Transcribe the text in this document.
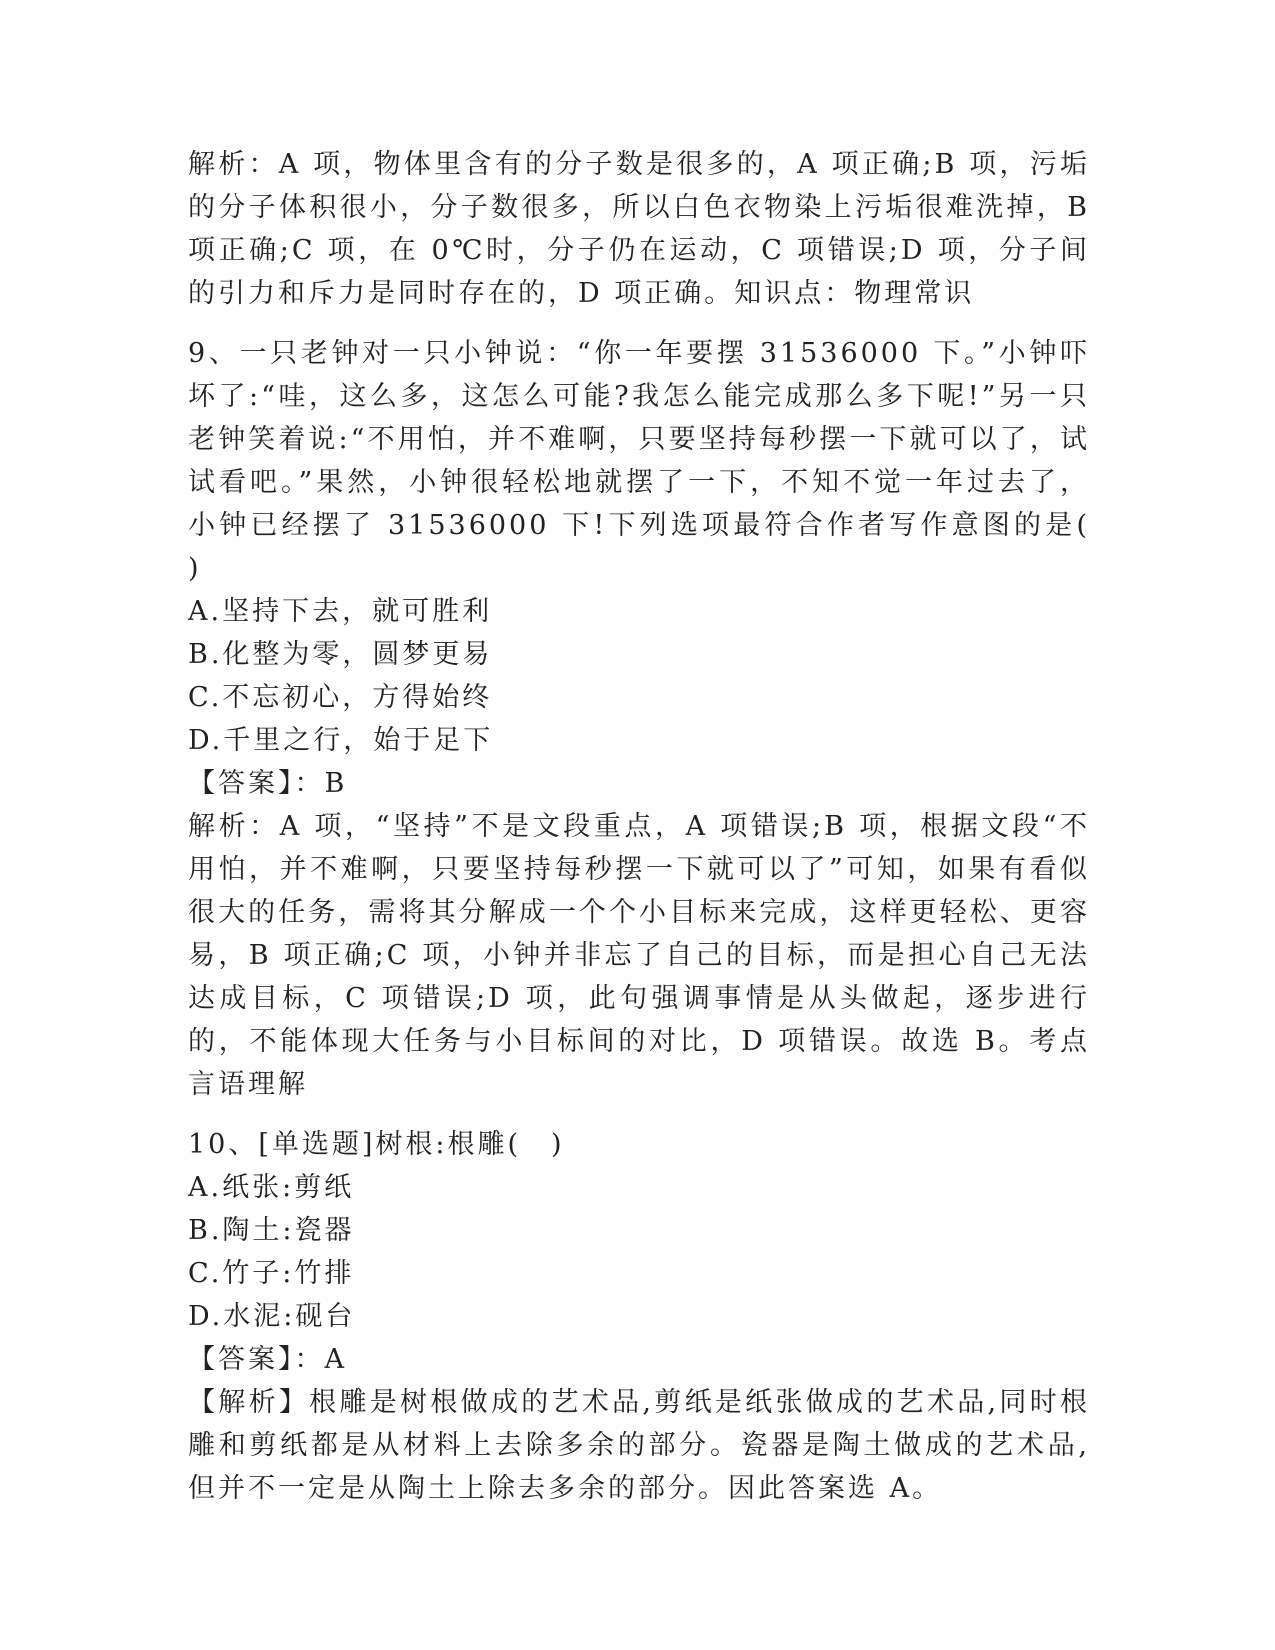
解析：A 项，物体里含有的分子数是很多的，A 项正确;B 项，污垢的分子体积很小，分子数很多，所以白色衣物染上污垢很难洗掉，B 项正确;C 项，在 0℃时，分子仍在运动，C 项错误;D 项，分子间的引力和斥力是同时存在的，D 项正确。知识点：物理常识

9、一只老钟对一只小钟说：“你一年要摆 31536000 下。”小钟吓坏了:“哇，这么多，这怎么可能?我怎么能完成那么多下呢!”另一只老钟笑着说:“不用怕，并不难啊，只要坚持每秒摆一下就可以了，试试看吧。”果然，小钟很轻松地就摆了一下，不知不觉一年过去了，小钟已经摆了 31536000 下!下列选项最符合作者写作意图的是(　　)

A.坚持下去，就可胜利

B.化整为零，圆梦更易

C.不忘初心，方得始终

D.千里之行，始于足下

【答案】：B

解析：A 项，“坚持”不是文段重点，A 项错误;B 项，根据文段“不用怕，并不难啊，只要坚持每秒摆一下就可以了”可知，如果有看似很大的任务，需将其分解成一个个小目标来完成，这样更轻松、更容易，B 项正确;C 项，小钟并非忘了自己的目标，而是担心自己无法达成目标，C 项错误;D 项，此句强调事情是从头做起，逐步进行的，不能体现大任务与小目标间的对比，D 项错误。故选 B。考点言语理解

10、[单选题]树根:根雕(　)

A.纸张:剪纸

B.陶土:瓷器

C.竹子:竹排

D.水泥:砚台

【答案】：A

【解析】根雕是树根做成的艺术品,剪纸是纸张做成的艺术品,同时根雕和剪纸都是从材料上去除多余的部分。瓷器是陶土做成的艺术品,但并不一定是从陶土上除去多余的部分。因此答案选 A。
